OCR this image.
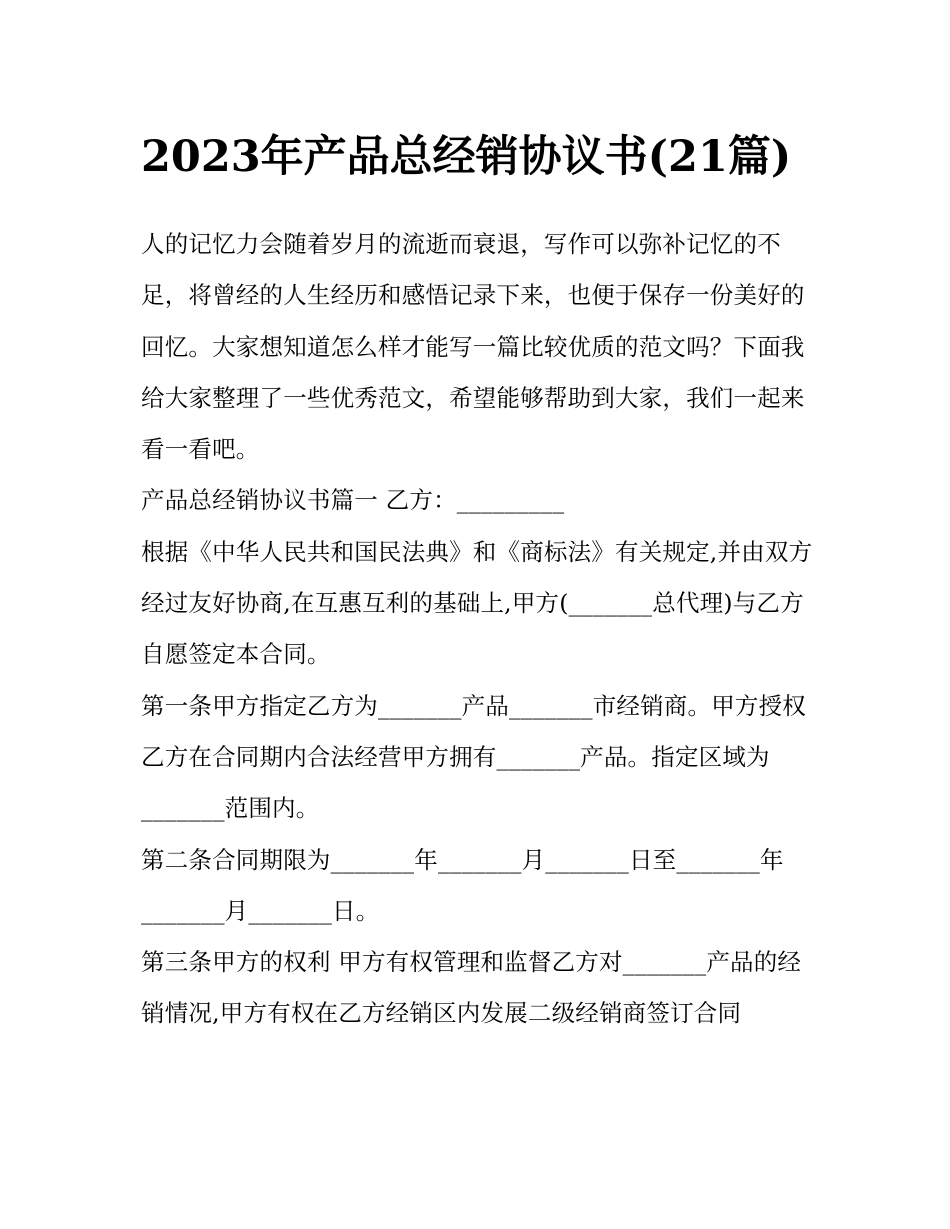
2023年产品总经销协议书(21篇)

人的记忆力会随着岁月的流逝而衰退，写作可以弥补记忆的不足，将曾经的人生经历和感悟记录下来，也便于保存一份美好的回忆。大家想知道怎么样才能写一篇比较优质的范文吗？下面我给大家整理了一些优秀范文，希望能够帮助到大家，我们一起来看一看吧。

产品总经销协议书篇一 乙方：_________

根据《中华人民共和国民法典》和《商标法》有关规定,并由双方经过友好协商,在互惠互利的基础上,甲方(_______总代理)与乙方自愿签定本合同。

第一条甲方指定乙方为_______产品_______市经销商。甲方授权乙方在合同期内合法经营甲方拥有_______产品。指定区域为_______范围内。

第二条合同期限为_______年_______月_______日至_______年_______月_______日。

第三条甲方的权利 甲方有权管理和监督乙方对_______产品的经销情况,甲方有权在乙方经销区内发展二级经销商签订合同
